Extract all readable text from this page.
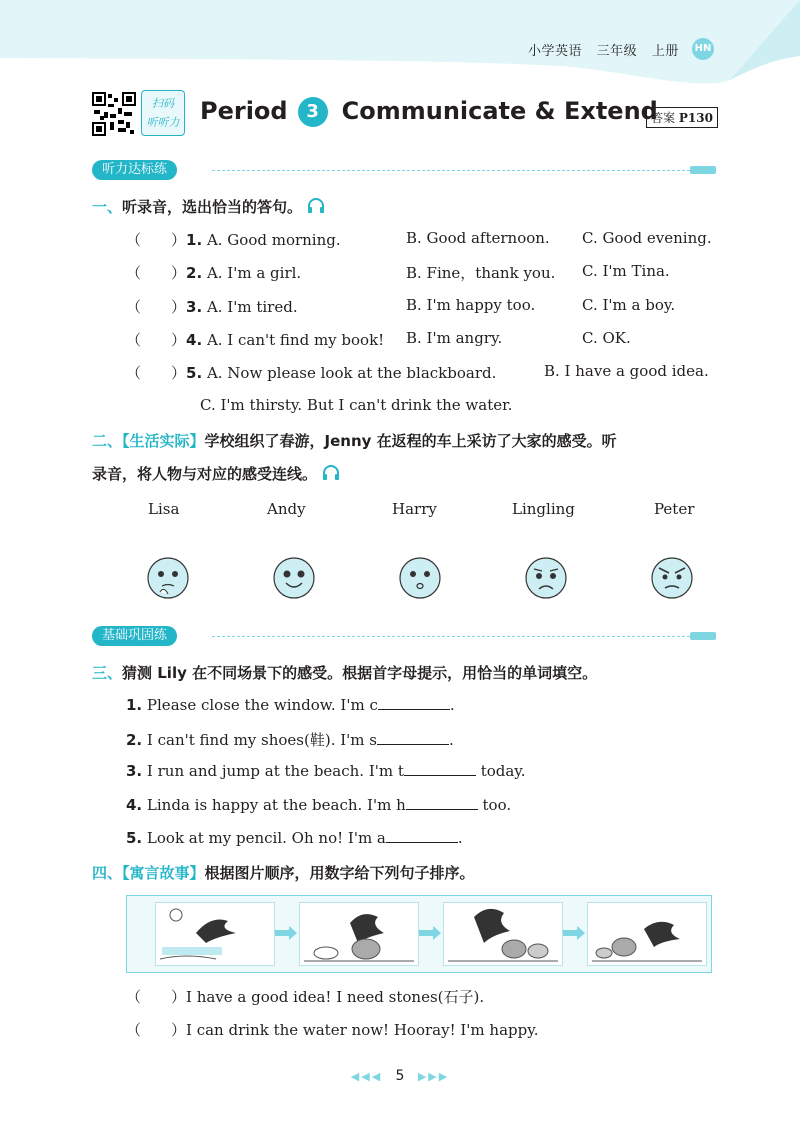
小学英语 三年级 上册	HN
扫码
听听力 Period 3 Communicate & Extend
答案 P130
听力达标练
一、听录音，选出恰当的答句。
（　　）1. A. Good morning.	B. Good afternoon. C. Good evening.
（　　）2. A. I'm a girl.	B. Fine，thank you. C. I'm Tina.
（　　）3. A. I'm tired.	B. I'm happy too.	C. I'm a boy.
（　　）4. A. I can't find my book! B. I'm angry.	C. OK.
（　　）5. A. Now please look at the blackboard.	B. I have a good idea.
C. I'm thirsty. But I can't drink the water.
二、【生活实际】学校组织了春游，Jenny 在返程的车上采访了大家的感受。听
录音，将人物与对应的感受连线。
Lisa	Andy	Harry	Lingling	Peter
基础巩固练
三、猜测 Lily 在不同场景下的感受。根据首字母提示，用恰当的单词填空。
1. Please close the window. I'm c	.
2. I can't find my shoes(鞋). I'm s	.
3. I run and jump at the beach. I'm t	today.
4. Linda is happy at the beach. I'm h	too.
5. Look at my pencil. Oh no! I'm a	.
四、【寓言故事】根据图片顺序，用数字给下列句子排序。
（　　）I have a good idea! I need stones(石子).
（　　）I can drink the water now! Hooray! I'm happy.
◀◀◀ 5 ▶▶▶
